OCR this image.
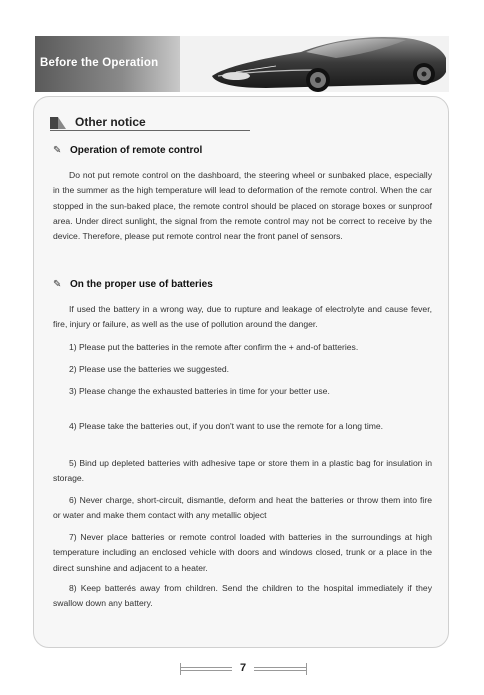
Before the Operation
Other notice
✎ Operation of remote control

Do not put remote control on the dashboard, the steering wheel or sunbaked place, especially in the summer as the high temperature will lead to deformation of the remote control. When the car stopped in the sun-baked place, the remote control should be placed on storage boxes or sunproof area. Under direct sunlight, the signal from the remote control may not be correct to receive by the device. Therefore, please put remote control near the front panel of sensors.

✎ On the proper use of batteries

If used the battery in a wrong way, due to rupture and leakage of electrolyte and cause fever, fire, injury or failure, as well as the use of pollution around the danger.

1) Please put the batteries in the remote after confirm the + and-of batteries.

2) Please use the batteries we suggested.

3) Please change the exhausted batteries in time for your better use.

4) Please take the batteries out, if you don't want to use the remote for a long time.

5) Bind up depleted batteries with adhesive tape or store them in a plastic bag for insulation in storage.

6) Never charge, short-circuit, dismantle, deform and heat the batteries or throw them into fire or water and make them contact with any metallic object

7) Never place batteries or remote control loaded with batteries in the surroundings at high temperature including an enclosed vehicle with doors and windows closed, trunk or a place in the direct sunshine and adjacent to a heater.

8) Keep batterés away from children. Send the children to the hospital immediately if they swallow down any battery.

7
